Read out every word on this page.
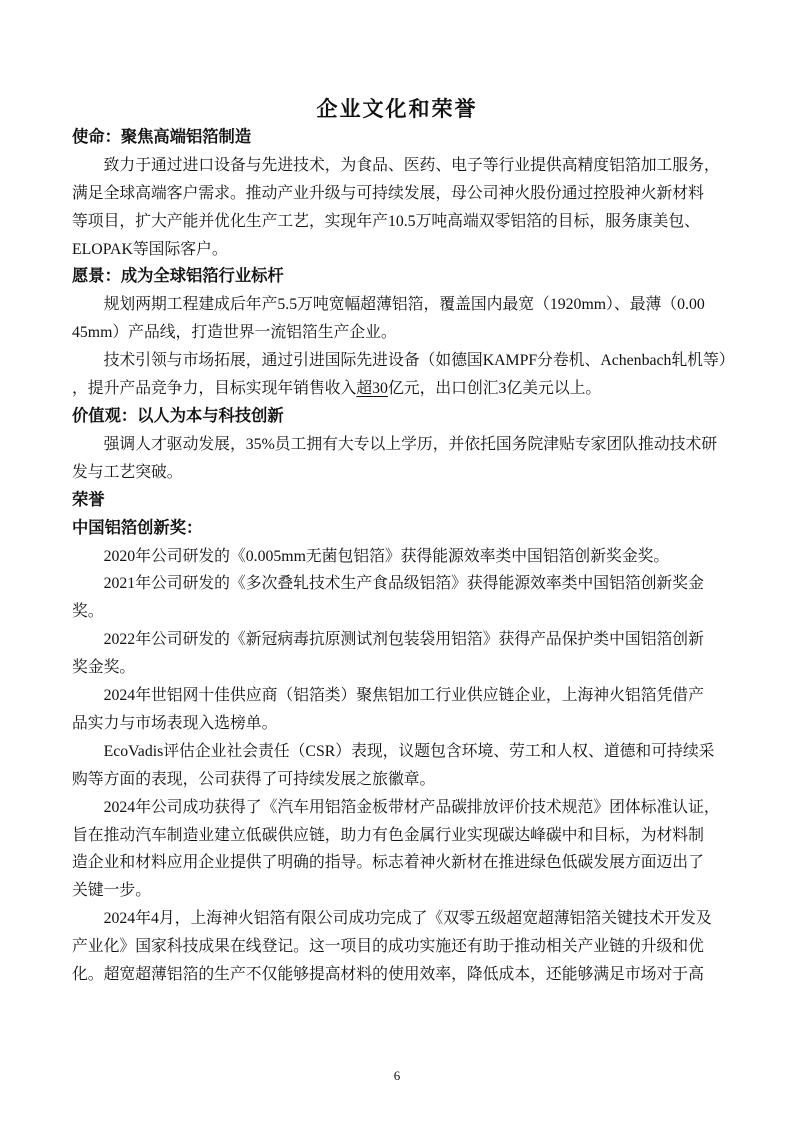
企业文化和荣誉
使命：聚焦高端铝箔制造
致力于通过进口设备与先进技术，为食品、医药、电子等行业提供高精度铝箔加工服务，
满足全球高端客户需求。推动产业升级与可持续发展，母公司神火股份通过控股神火新材料
等项目，扩大产能并优化生产工艺，实现年产10.5万吨高端双零铝箔的目标，服务康美包、
ELOPAK等国际客户。
愿景：成为全球铝箔行业标杆
规划两期工程建成后年产5.5万吨宽幅超薄铝箔，覆盖国内最宽（1920mm）、最薄（0.00
45mm）产品线，打造世界一流铝箔生产企业。
技术引领与市场拓展，通过引进国际先进设备（如德国KAMPF分卷机、Achenbach轧机等）
，提升产品竞争力，目标实现年销售收入超30亿元，出口创汇3亿美元以上。
价值观：以人为本与科技创新
强调人才驱动发展，35%员工拥有大专以上学历，并依托国务院津贴专家团队推动技术研
发与工艺突破。
荣誉
中国铝箔创新奖：
2020年公司研发的《0.005mm无菌包铝箔》获得能源效率类中国铝箔创新奖金奖。
2021年公司研发的《多次叠轧技术生产食品级铝箔》获得能源效率类中国铝箔创新奖金
奖。
2022年公司研发的《新冠病毒抗原测试剂包装袋用铝箔》获得产品保护类中国铝箔创新
奖金奖。
2024年世铝网十佳供应商（铝箔类）聚焦铝加工行业供应链企业，上海神火铝箔凭借产
品实力与市场表现入选榜单。
EcoVadis评估企业社会责任（CSR）表现，议题包含环境、劳工和人权、道德和可持续采
购等方面的表现，公司获得了可持续发展之旅徽章。
2024年公司成功获得了《汽车用铝箔金板带材产品碳排放评价技术规范》团体标准认证，
旨在推动汽车制造业建立低碳供应链，助力有色金属行业实现碳达峰碳中和目标，为材料制
造企业和材料应用企业提供了明确的指导。标志着神火新材在推进绿色低碳发展方面迈出了
关键一步。
2024年4月，上海神火铝箔有限公司成功完成了《双零五级超宽超薄铝箔关键技术开发及
产业化》国家科技成果在线登记。这一项目的成功实施还有助于推动相关产业链的升级和优
化。超宽超薄铝箔的生产不仅能够提高材料的使用效率，降低成本，还能够满足市场对于高
6
